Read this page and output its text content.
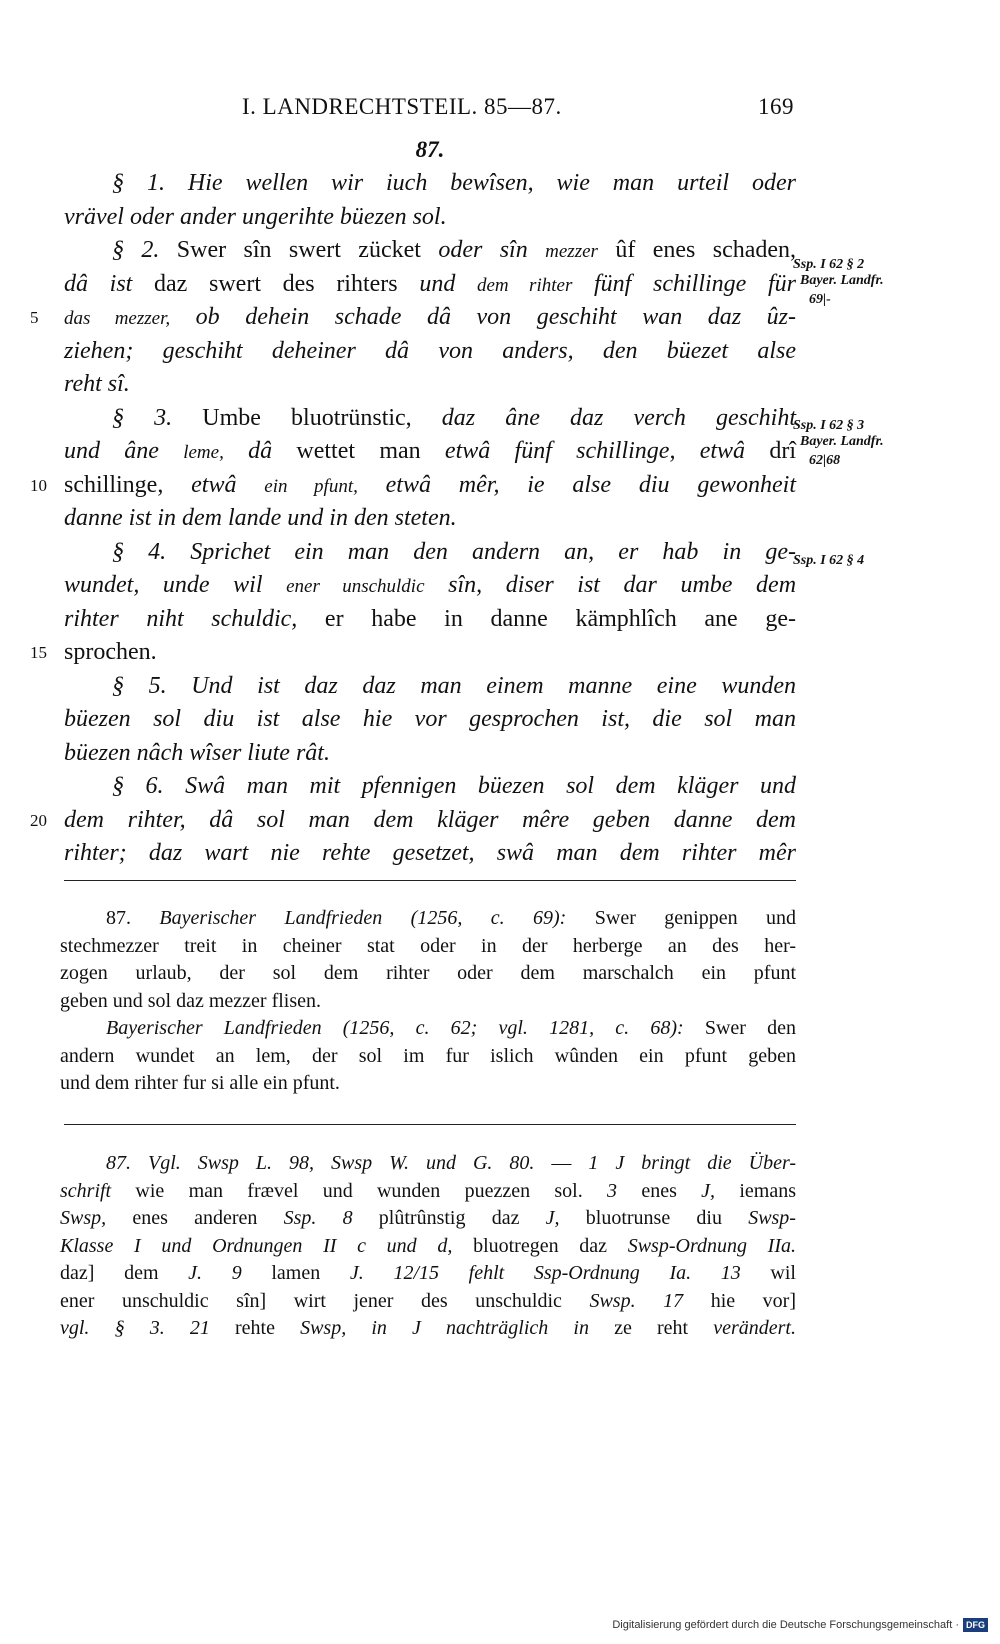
I. LANDRECHTSTEIL. 85—87.	169
87.
§ 1. Hie wellen wir iuch bewîsen, wie man urteil oder
vrävel oder ander ungerihte büezen sol.
§ 2. Swer sîn swert zücket oder sîn mezzer ûf enes schaden,
dâ ist daz swert des rihters und dem rihter fünf schillinge für
5 das mezzer, ob dehein schade dâ von geschiht wan daz ûz-
ziehen; geschiht deheiner dâ von anders, den büezet alse
reht sî.
§ 3. Umbe bluotrünstic, daz âne daz verch geschiht
und âne leme, dâ wettet man etwâ fünf schillinge, etwâ drî
10 schillinge, etwâ ein pfunt, etwâ mêr, ie alse diu gewonheit
danne ist in dem lande und in den steten.
§ 4. Sprichet ein man den andern an, er hab in ge-
wundet, unde wil ener unschuldic sîn, diser ist dar umbe dem
rihter niht schuldic, er habe in danne kämphlîch ane ge-
15 sprochen.
§ 5. Und ist daz daz man einem manne eine wunden
büezen sol diu ist alse hie vor gesprochen ist, die sol man
büezen nâch wîser liute rât.
§ 6. Swâ man mit pfennigen büezen sol dem kläger und
20 dem rihter, dâ sol man dem kläger mêre geben danne dem
rihter; daz wart nie rehte gesetzet, swâ man dem rihter mêr
Ssp. I 62 § 2
Bayer. Landfr.
69|-
Ssp. I 62 § 3
Bayer. Landfr.
62|68
Ssp. I 62 § 4
87. Bayerischer Landfrieden (1256, c. 69): Swer genippen und
stechmezzer treit in cheiner stat oder in der herberge an des her-
zogen urlaub, der sol dem rihter oder dem marschalch ein pfunt
geben und sol daz mezzer flisen.
Bayerischer Landfrieden (1256, c. 62; vgl. 1281, c. 68): Swer den
andern wundet an lem, der sol im fur islich wûnden ein pfunt geben
und dem rihter fur si alle ein pfunt.
87. Vgl. Swsp L. 98, Swsp W. und G. 80. — 1 J bringt die Über-
schrift wie man frævel und wunden puezzen sol. 3 enes J, iemans
Swsp, enes anderen Ssp. 8 plûtrûnstig daz J, bluotrunse diu Swsp-
Klasse I und Ordnungen II c und d, bluotregen daz Swsp-Ordnung IIa.
daz] dem J. 9 lamen J. 12/15 fehlt Ssp-Ordnung Ia. 13 wil
ener unschuldic sîn] wirt jener des unschuldic Swsp. 17 hie vor]
vgl. § 3. 21 rehte Swsp, in J nachträglich in ze reht verändert.
Digitalisierung gefördert durch die Deutsche Forschungsgemeinschaft · DFG
